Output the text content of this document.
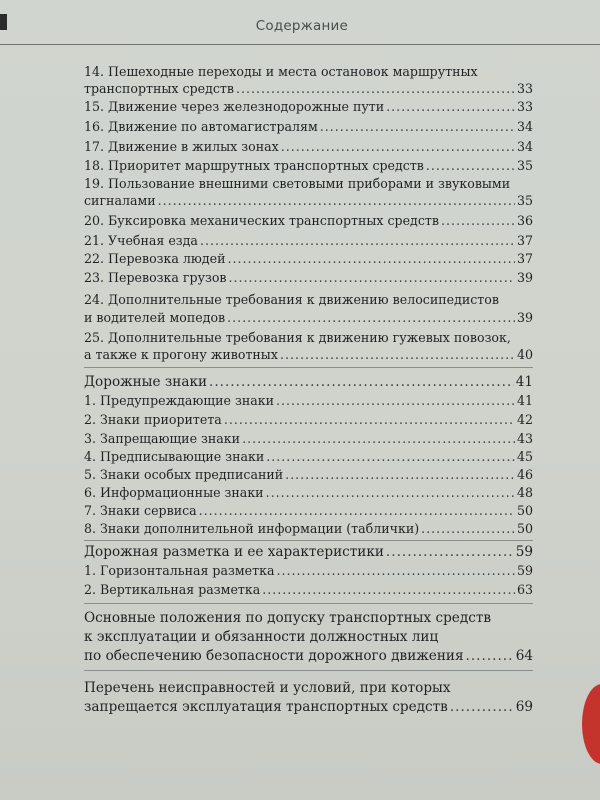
Содержание
14. Пешеходные переходы и места остановок маршрутных
транспортных средств .....	33
15. Движение через железнодорожные пути .....	33
16. Движение по автомагистралям .....	34
17. Движение в жилых зонах .....	34
18. Приоритет маршрутных транспортных средств .....	35
19. Пользование внешними световыми приборами и звуковыми
сигналами .....	35
20. Буксировка механических транспортных средств .....	36
21. Учебная езда .....	37
22. Перевозка людей .....	37
23. Перевозка грузов .....	39
24. Дополнительные требования к движению велосипедистов
и водителей мопедов .....	39
25. Дополнительные требования к движению гужевых повозок,
а также к прогону животных .....	40
Дорожные знаки .....	41
1. Предупреждающие знаки .....	41
2. Знаки приоритета .....	42
3. Запрещающие знаки .....	43
4. Предписывающие знаки .....	45
5. Знаки особых предписаний .....	46
6. Информационные знаки .....	48
7. Знаки сервиса .....	50
8. Знаки дополнительной информации (таблички) .....	50
Дорожная разметка и ее характеристики .....	59
1. Горизонтальная разметка .....	59
2. Вертикальная разметка .....	63
Основные положения по допуску транспортных средств
к эксплуатации и обязанности должностных лиц
по обеспечению безопасности дорожного движения .....	64
Перечень неисправностей и условий, при которых
запрещается эксплуатация транспортных средств .....	69
